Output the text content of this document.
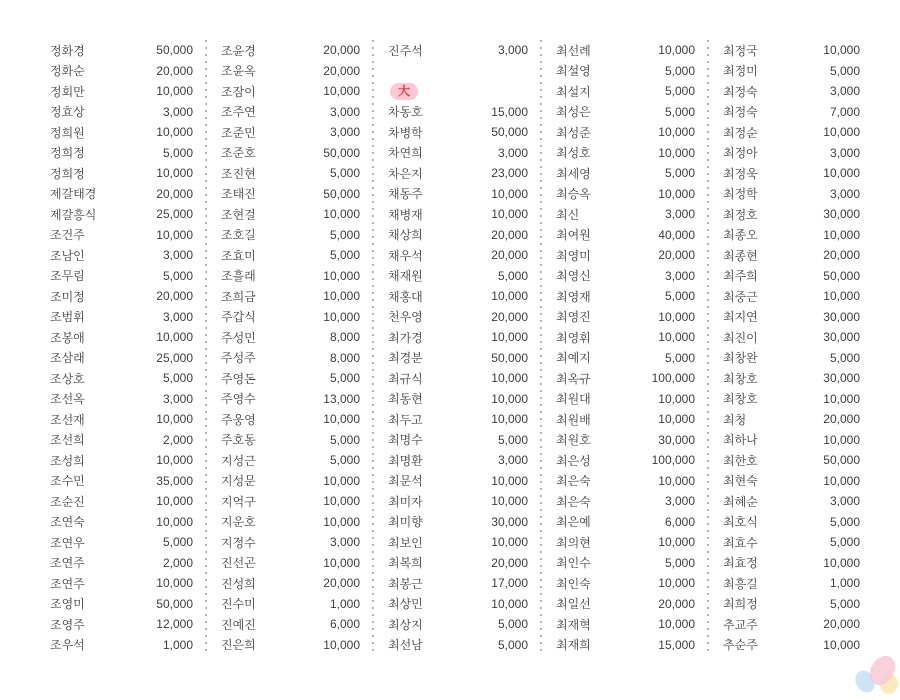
정화경	50,000
정화순	20,000
정회만	10,000
정효상	3,000
정희원	10,000
정희정	5,000
정희정	10,000
제갈태경	20,000
제갈흥식	25,000
조건주	10,000
조남인	3,000
조무림	5,000
조미정	20,000
조범휘	3,000
조봉애	10,000
조삼래	25,000
조상호	5,000
조선옥	3,000
조선재	10,000
조선희	2,000
조성희	10,000
조수민	35,000
조순진	10,000
조연숙	10,000
조연우	5,000
조연주	2,000
조연주	10,000
조영미	50,000
조영주	12,000
조우석	1,000
조윤경	20,000
조윤옥	20,000
조잠이	10,000
조주연	3,000
조준민	3,000
조준호	50,000
조진현	5,000
조태진	50,000
조현걸	10,000
조호길	5,000
조효미	5,000
조흘래	10,000
조희금	10,000
주갑식	10,000
주성민	8,000
주성주	8,000
주영돈	5,000
주영수	13,000
주웅영	10,000
주호동	5,000
지성근	5,000
지성문	10,000
지억구	10,000
지운호	10,000
지정수	3,000
진선곤	10,000
진성희	20,000
진수미	1,000
진예진	6,000
진은희	10,000
진주석	3,000
大
차동호	15,000
차병학	50,000
차연희	3,000
차은지	23,000
채동주	10,000
채병재	10,000
채상희	20,000
채우석	20,000
채재원	5,000
채홍대	10,000
천우영	20,000
최가경	10,000
최경분	50,000
최규식	10,000
최동현	10,000
최두고	10,000
최명수	5,000
최명환	3,000
최문석	10,000
최미자	10,000
최미향	30,000
최보인	10,000
최복희	20,000
최봉근	17,000
최상민	10,000
최상지	5,000
최선남	5,000
최선례	10,000
최설영	5,000
최설지	5,000
최성은	5,000
최성준	10,000
최성호	10,000
최세영	5,000
최승옥	10,000
최신	3,000
최여원	40,000
최영미	20,000
최영신	3,000
최영재	5,000
최영진	10,000
최영휘	10,000
최예지	5,000
최옥규	100,000
최원대	10,000
최원배	10,000
최원호	30,000
최은성	100,000
최은숙	10,000
최은숙	3,000
최은예	6,000
최의현	10,000
최인수	5,000
최인숙	10,000
최일선	20,000
최재혁	10,000
최재희	15,000
최정국	10,000
최정미	5,000
최정숙	3,000
최정숙	7,000
최정순	10,000
최정아	3,000
최정욱	10,000
최정학	3,000
최정호	30,000
최종오	10,000
최종현	20,000
최주희	50,000
최중근	10,000
최지연	30,000
최진이	30,000
최창완	5,000
최창호	30,000
최창호	10,000
최청	20,000
최하나	10,000
최한호	50,000
최현숙	10,000
최혜순	3,000
최호식	5,000
최효수	5,000
최효정	10,000
최흥길	1,000
최희정	5,000
추교주	20,000
추순주	10,000
